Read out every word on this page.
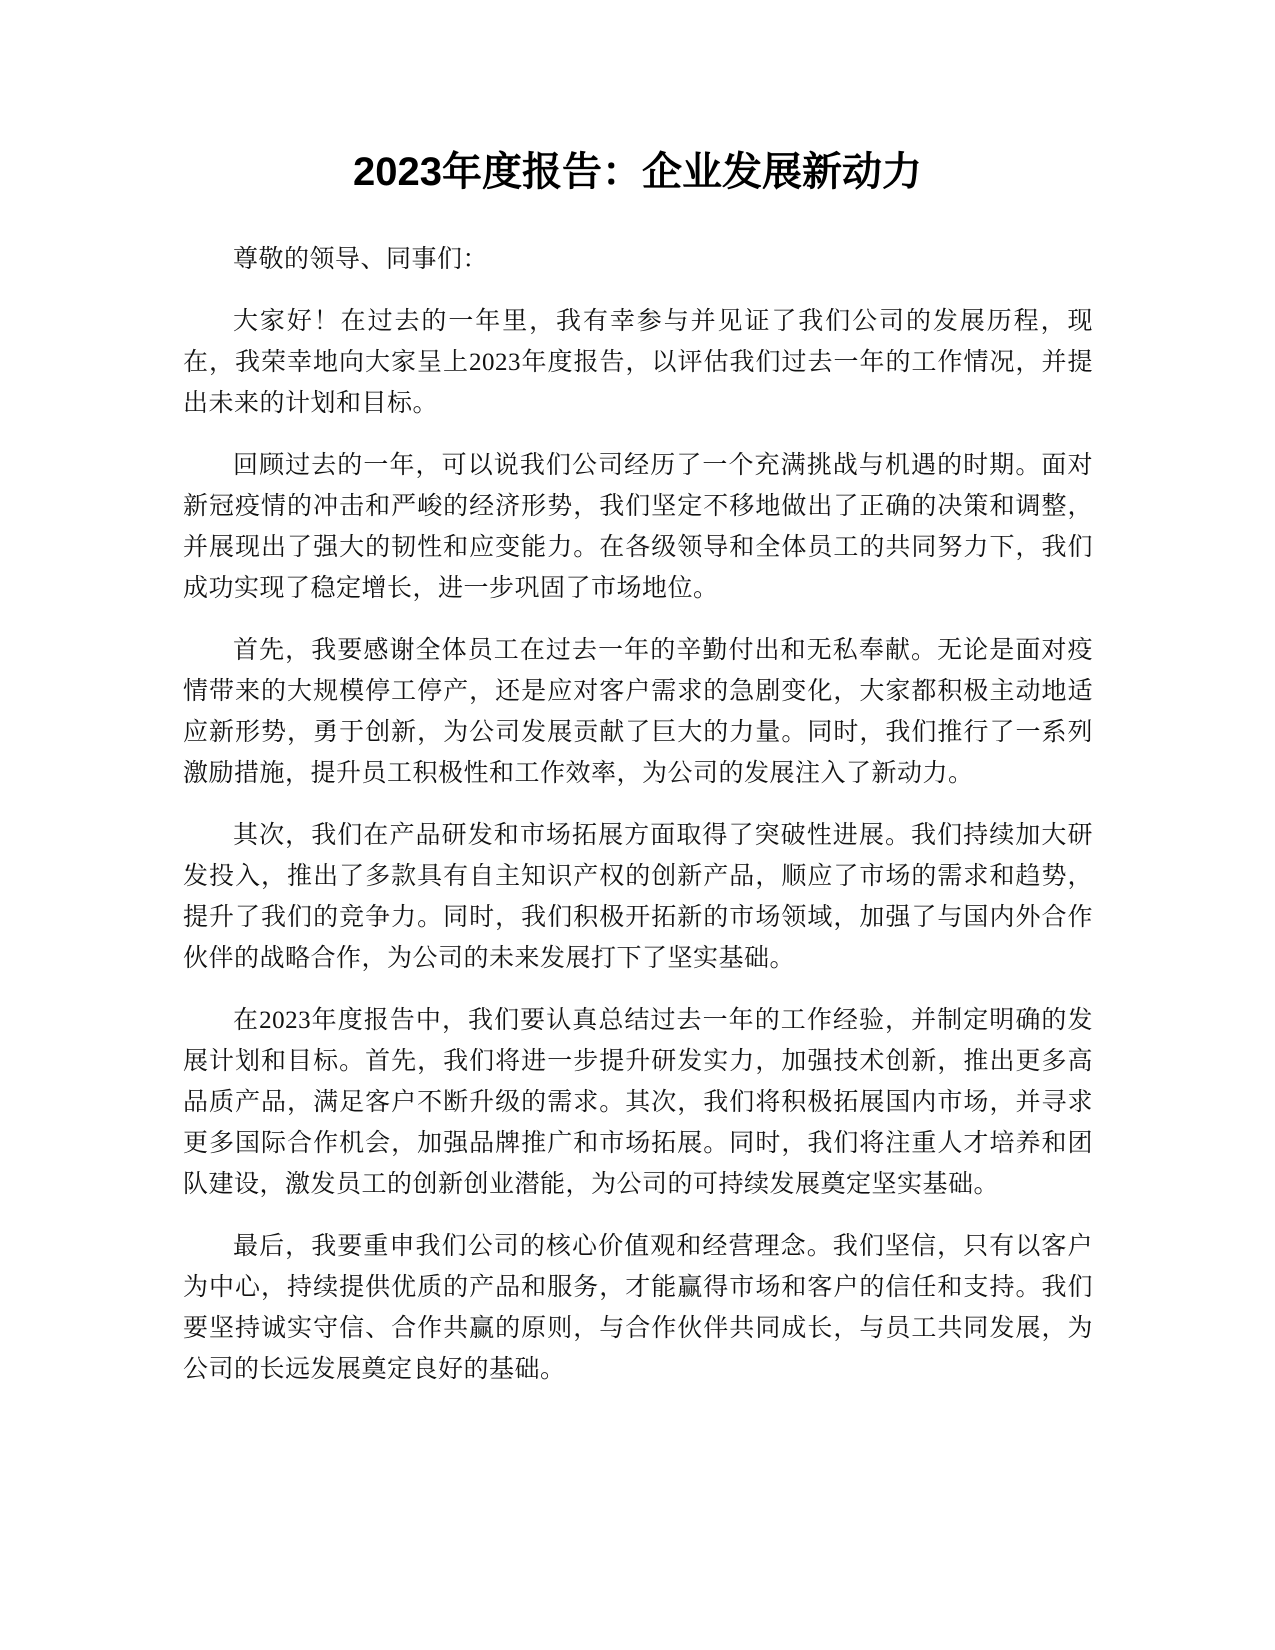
2023年度报告：企业发展新动力

尊敬的领导、同事们：

大家好！在过去的一年里，我有幸参与并见证了我们公司的发展历程，现在，我荣幸地向大家呈上2023年度报告，以评估我们过去一年的工作情况，并提出未来的计划和目标。

回顾过去的一年，可以说我们公司经历了一个充满挑战与机遇的时期。面对新冠疫情的冲击和严峻的经济形势，我们坚定不移地做出了正确的决策和调整，并展现出了强大的韧性和应变能力。在各级领导和全体员工的共同努力下，我们成功实现了稳定增长，进一步巩固了市场地位。

首先，我要感谢全体员工在过去一年的辛勤付出和无私奉献。无论是面对疫情带来的大规模停工停产，还是应对客户需求的急剧变化，大家都积极主动地适应新形势，勇于创新，为公司发展贡献了巨大的力量。同时，我们推行了一系列激励措施，提升员工积极性和工作效率，为公司的发展注入了新动力。

其次，我们在产品研发和市场拓展方面取得了突破性进展。我们持续加大研发投入，推出了多款具有自主知识产权的创新产品，顺应了市场的需求和趋势，提升了我们的竞争力。同时，我们积极开拓新的市场领域，加强了与国内外合作伙伴的战略合作，为公司的未来发展打下了坚实基础。

在2023年度报告中，我们要认真总结过去一年的工作经验，并制定明确的发展计划和目标。首先，我们将进一步提升研发实力，加强技术创新，推出更多高品质产品，满足客户不断升级的需求。其次，我们将积极拓展国内市场，并寻求更多国际合作机会，加强品牌推广和市场拓展。同时，我们将注重人才培养和团队建设，激发员工的创新创业潜能，为公司的可持续发展奠定坚实基础。

最后，我要重申我们公司的核心价值观和经营理念。我们坚信，只有以客户为中心，持续提供优质的产品和服务，才能赢得市场和客户的信任和支持。我们要坚持诚实守信、合作共赢的原则，与合作伙伴共同成长，与员工共同发展，为公司的长远发展奠定良好的基础。
